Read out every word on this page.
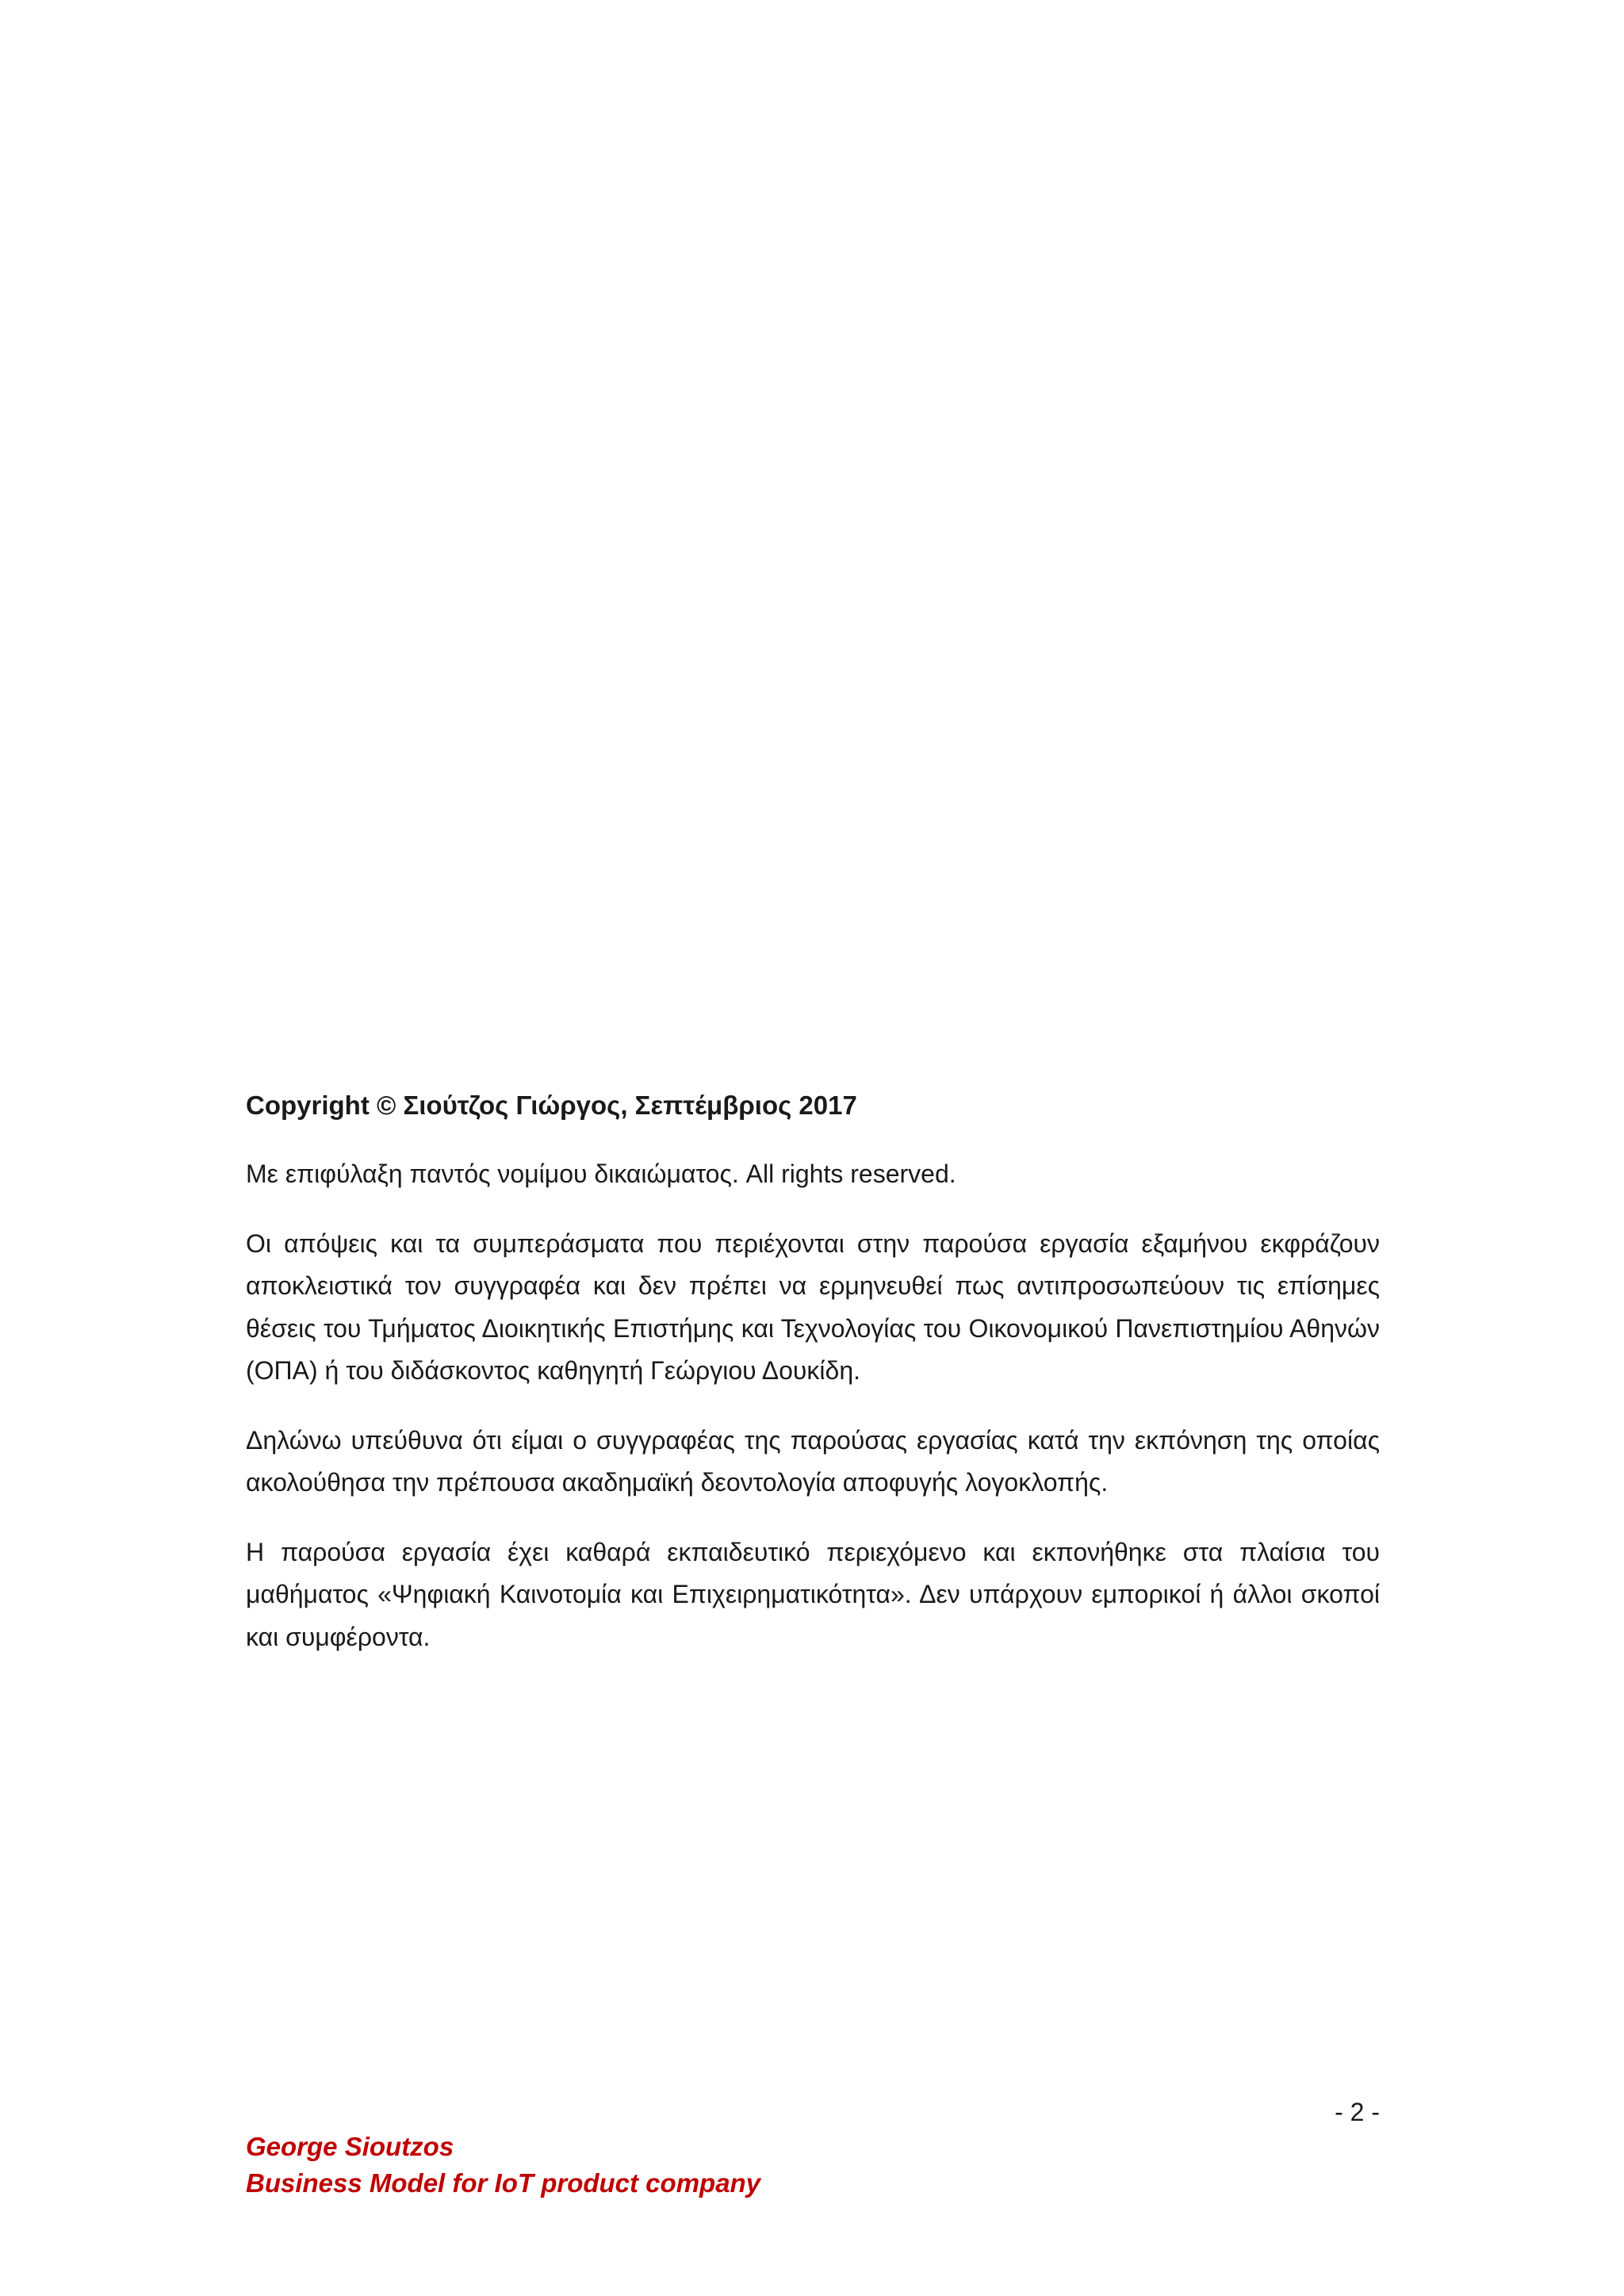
Copyright © Σιούτζος Γιώργος, Σεπτέμβριος 2017

Με επιφύλαξη παντός νομίμου δικαιώματος. All rights reserved.

Οι απόψεις και τα συμπεράσματα που περιέχονται στην παρούσα εργασία εξαμήνου εκφράζουν αποκλειστικά τον συγγραφέα και δεν πρέπει να ερμηνευθεί πως αντιπροσωπεύουν τις επίσημες θέσεις του Τμήματος Διοικητικής Επιστήμης και Τεχνολογίας του Οικονομικού Πανεπιστημίου Αθηνών (ΟΠΑ) ή του διδάσκοντος καθηγητή Γεώργιου Δουκίδη.

Δηλώνω υπεύθυνα ότι είμαι ο συγγραφέας της παρούσας εργασίας κατά την εκπόνηση της οποίας ακολούθησα την πρέπουσα ακαδημαϊκή δεοντολογία αποφυγής λογοκλοπής.

Η παρούσα εργασία έχει καθαρά εκπαιδευτικό περιεχόμενο και εκπονήθηκε στα πλαίσια του μαθήματος «Ψηφιακή Καινοτομία και Επιχειρηματικότητα». Δεν υπάρχουν εμπορικοί ή άλλοι σκοποί και συμφέροντα.

- 2 -
George Sioutzos
Business Model for IoT product company
